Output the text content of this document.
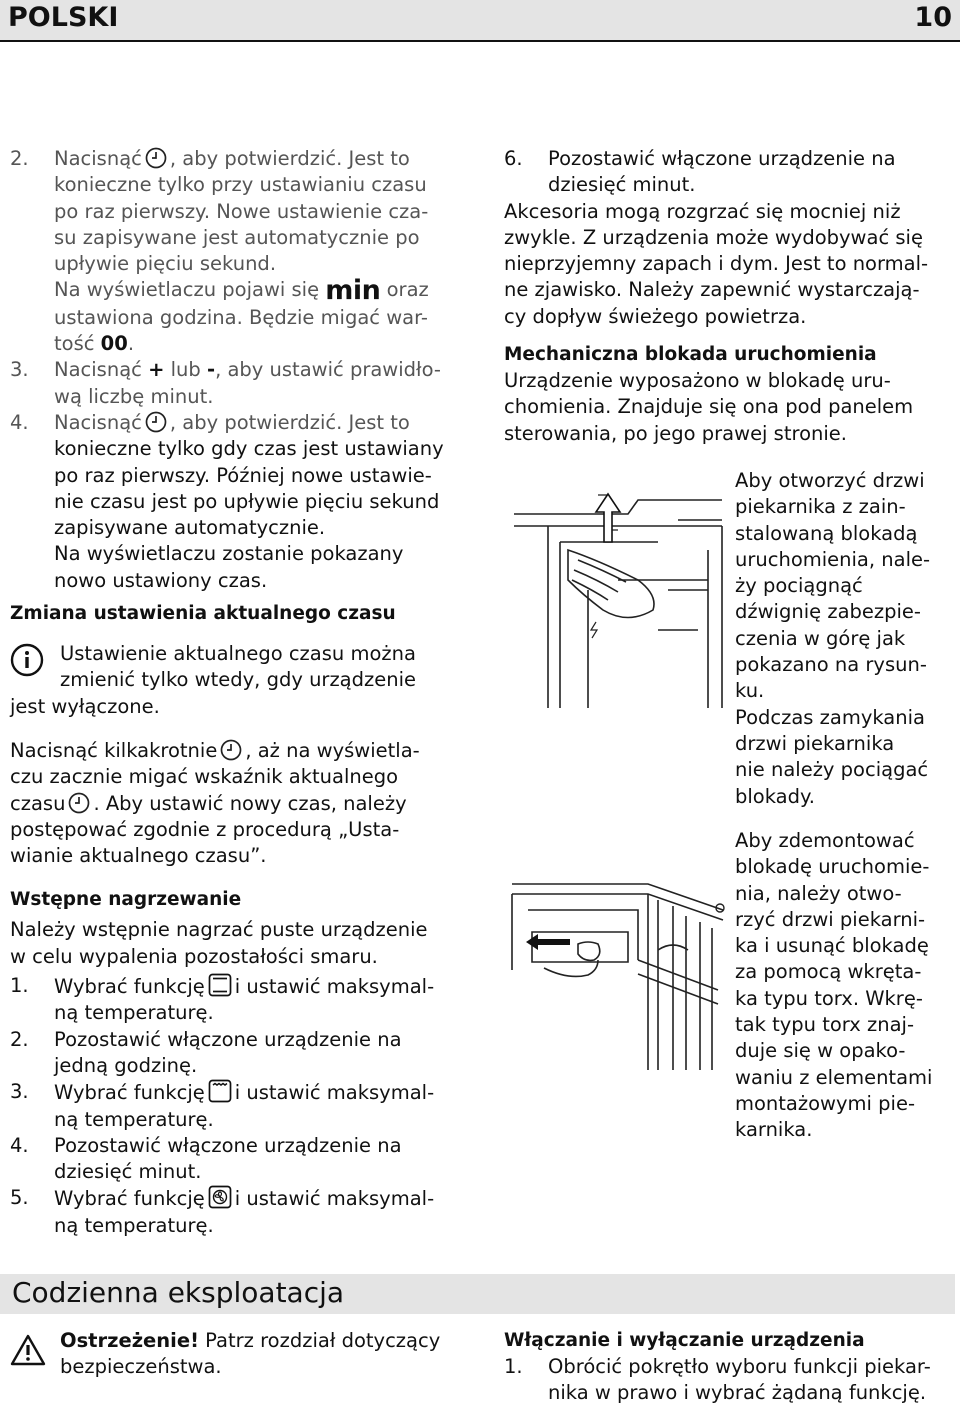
POLSKI	10
2. Nacisnąć , aby potwierdzić. Jest to
konieczne tylko przy ustawianiu czasu
po raz pierwszy. Nowe ustawienie cza-
su zapisywane jest automatycznie po
upływie pięciu sekund.
Na wyświetlaczu pojawi się min oraz
ustawiona godzina. Będzie migać war-
tość 00.
3. Nacisnąć + lub -, aby ustawić prawidło-
wą liczbę minut.
4. Nacisnąć , aby potwierdzić. Jest to
konieczne tylko gdy czas jest ustawiany
po raz pierwszy. Później nowe ustawie-
nie czasu jest po upływie pięciu sekund
zapisywane automatycznie.
Na wyświetlaczu zostanie pokazany
nowo ustawiony czas.
Zmiana ustawienia aktualnego czasu
Ustawienie aktualnego czasu można
zmienić tylko wtedy, gdy urządzenie
jest wyłączone.
Nacisnąć kilkakrotnie , aż na wyświetla-
czu zacznie migać wskaźnik aktualnego
czasu . Aby ustawić nowy czas, należy
postępować zgodnie z procedurą „Usta-
wianie aktualnego czasu”.
Wstępne nagrzewanie
Należy wstępnie nagrzać puste urządzenie
w celu wypalenia pozostałości smaru.
1. Wybrać funkcję i ustawić maksymal-
ną temperaturę.
2. Pozostawić włączone urządzenie na
jedną godzinę.
3. Wybrać funkcję i ustawić maksymal-
ną temperaturę.
4. Pozostawić włączone urządzenie na
dziesięć minut.
5. Wybrać funkcję i ustawić maksymal-
ną temperaturę.
6. Pozostawić włączone urządzenie na
dziesięć minut.
Akcesoria mogą rozgrzać się mocniej niż
zwykle. Z urządzenia może wydobywać się
nieprzyjemny zapach i dym. Jest to normal-
ne zjawisko. Należy zapewnić wystarczają-
cy dopływ świeżego powietrza.
Mechaniczna blokada uruchomienia
Urządzenie wyposażono w blokadę uru-
chomienia. Znajduje się ona pod panelem
sterowania, po jego prawej stronie.
Aby otworzyć drzwi
piekarnika z zain-
stalowaną blokadą
uruchomienia, nale-
ży pociągnąć
dźwignię zabezpie-
czenia w górę jak
pokazano na rysun-
ku.
Podczas zamykania
drzwi piekarnika
nie należy pociągać
blokady.
Aby zdemontować
blokadę uruchomie-
nia, należy otwo-
rzyć drzwi piekarni-
ka i usunąć blokadę
za pomocą wkręta-
ka typu torx. Wkrę-
tak typu torx znaj-
duje się w opako-
waniu z elementami
montażowymi pie-
karnika.
Codzienna eksploatacja
Ostrzeżenie! Patrz rozdział dotyczący
bezpieczeństwa.
Włączanie i wyłączanie urządzenia
1. Obrócić pokrętło wyboru funkcji piekar-
nika w prawo i wybrać żądaną funkcję.
